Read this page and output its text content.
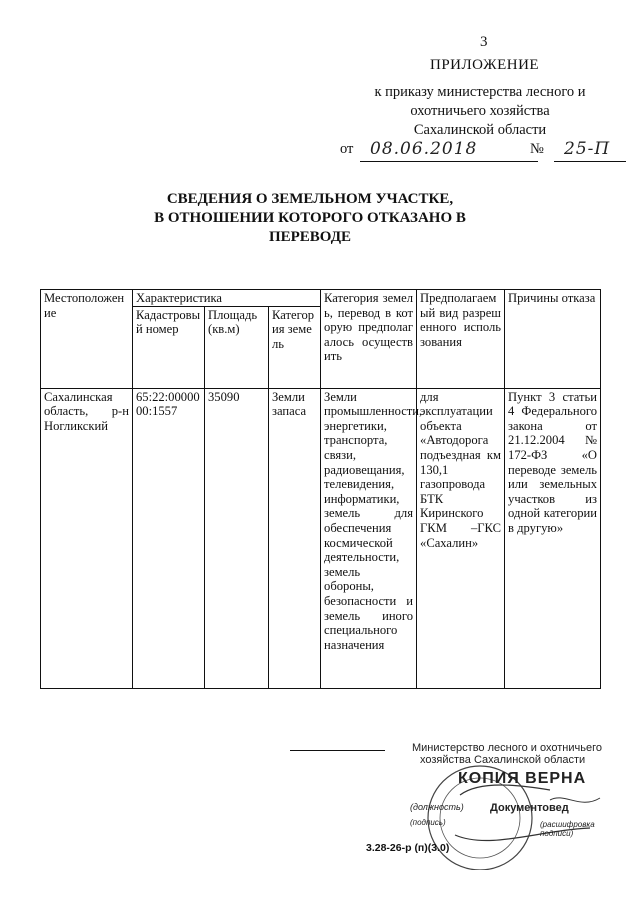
3
ПРИЛОЖЕНИЕ
к приказу министерства лесного и
охотничьего хозяйства
Сахалинской области
от 08.06.2018	№ 25-П
СВЕДЕНИЯ О ЗЕМЕЛЬНОМ УЧАСТКЕ,
В ОТНОШЕНИИ КОТОРОГО ОТКАЗАНО В
ПЕРЕВОДЕ
Местоположение	Характеристика			Категория земель, перевод в которую предполагалось осуществить	Предполагаемый вид разрешенного использования	Причины отказа
	Кадастровый номер	Площадь (кв.м)	Категория земель			
Сахалинская область, р-н Ногликский	65:22:0000000:1557	35090	Земли запаса	Земли промышленности, энергетики, транспорта, связи, радиовещания, телевидения, информатики, земель для обеспечения космической деятельности, земель обороны, безопасности и земель иного специального назначения	для эксплуатации объекта «Автодорога подъездная км 130,1 газопровода БТК Киринского ГКМ –ГКС «Сахалин»	Пункт 3 статьи 4 Федерального закона от 21.12.2004 № 172-ФЗ «О переводе земель или земельных участков из одной категории в другую»
Министерство лесного и охотничьего
хозяйства Сахалинской области
КОПИЯ ВЕРНА
(должность) Документовед
(подпись)	(расшифровка подписи)
3.28-26-р (п)(3.0)
